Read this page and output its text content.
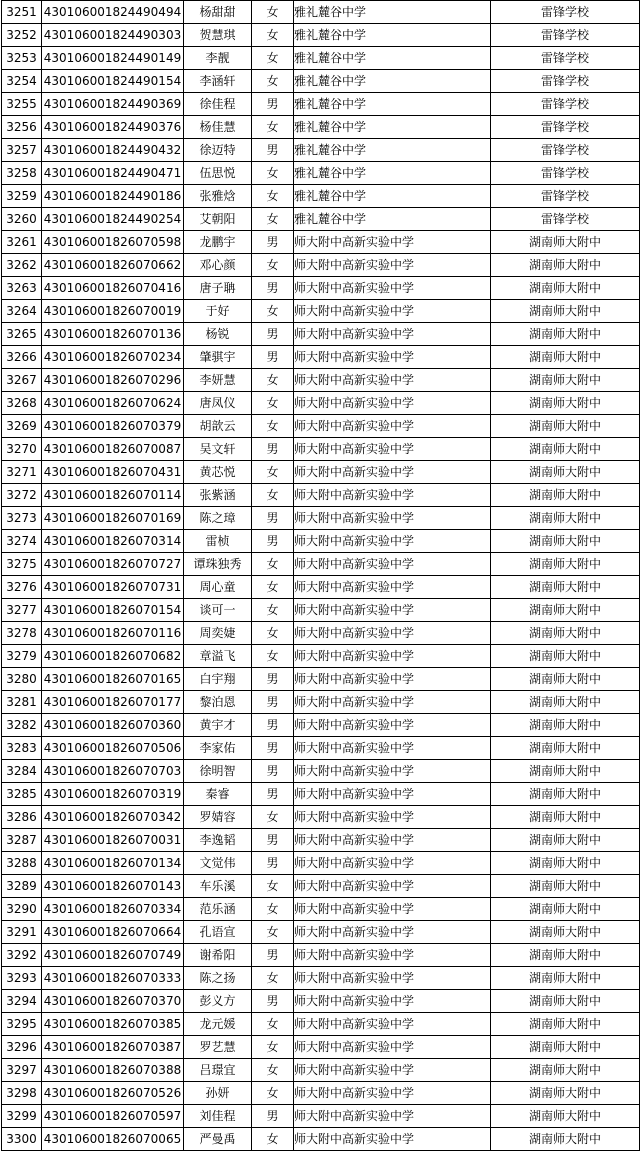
3251	430106001824490494	杨甜甜	女	雅礼麓谷中学	雷锋学校
3252	430106001824490303	贺慧琪	女	雅礼麓谷中学	雷锋学校
3253	430106001824490149	李靓	女	雅礼麓谷中学	雷锋学校
3254	430106001824490154	李涵轩	女	雅礼麓谷中学	雷锋学校
3255	430106001824490369	徐佳程	男	雅礼麓谷中学	雷锋学校
3256	430106001824490376	杨佳慧	女	雅礼麓谷中学	雷锋学校
3257	430106001824490432	徐迈特	男	雅礼麓谷中学	雷锋学校
3258	430106001824490471	伍思悦	女	雅礼麓谷中学	雷锋学校
3259	430106001824490186	张雅焓	女	雅礼麓谷中学	雷锋学校
3260	430106001824490254	艾朝阳	女	雅礼麓谷中学	雷锋学校
3261	430106001826070598	龙鹏宇	男	师大附中高新实验中学	湖南师大附中
3262	430106001826070662	邓心颜	女	师大附中高新实验中学	湖南师大附中
3263	430106001826070416	唐子聃	男	师大附中高新实验中学	湖南师大附中
3264	430106001826070019	于好	女	师大附中高新实验中学	湖南师大附中
3265	430106001826070136	杨锐	男	师大附中高新实验中学	湖南师大附中
3266	430106001826070234	肇骐宇	男	师大附中高新实验中学	湖南师大附中
3267	430106001826070296	李妍慧	女	师大附中高新实验中学	湖南师大附中
3268	430106001826070624	唐凤仪	女	师大附中高新实验中学	湖南师大附中
3269	430106001826070379	胡歆云	女	师大附中高新实验中学	湖南师大附中
3270	430106001826070087	吴文轩	男	师大附中高新实验中学	湖南师大附中
3271	430106001826070431	黄芯悦	女	师大附中高新实验中学	湖南师大附中
3272	430106001826070114	张紫涵	女	师大附中高新实验中学	湖南师大附中
3273	430106001826070169	陈之璋	男	师大附中高新实验中学	湖南师大附中
3274	430106001826070314	雷桢	男	师大附中高新实验中学	湖南师大附中
3275	430106001826070727	谭珠独秀	女	师大附中高新实验中学	湖南师大附中
3276	430106001826070731	周心童	女	师大附中高新实验中学	湖南师大附中
3277	430106001826070154	谈可一	女	师大附中高新实验中学	湖南师大附中
3278	430106001826070116	周奕婕	女	师大附中高新实验中学	湖南师大附中
3279	430106001826070682	章溢飞	女	师大附中高新实验中学	湖南师大附中
3280	430106001826070165	白宇翔	男	师大附中高新实验中学	湖南师大附中
3281	430106001826070177	黎泊恩	男	师大附中高新实验中学	湖南师大附中
3282	430106001826070360	黄宇才	男	师大附中高新实验中学	湖南师大附中
3283	430106001826070506	李家佑	男	师大附中高新实验中学	湖南师大附中
3284	430106001826070703	徐明智	男	师大附中高新实验中学	湖南师大附中
3285	430106001826070319	秦睿	男	师大附中高新实验中学	湖南师大附中
3286	430106001826070342	罗婧容	女	师大附中高新实验中学	湖南师大附中
3287	430106001826070031	李逸韬	男	师大附中高新实验中学	湖南师大附中
3288	430106001826070134	文觉伟	男	师大附中高新实验中学	湖南师大附中
3289	430106001826070143	车乐溪	女	师大附中高新实验中学	湖南师大附中
3290	430106001826070334	范乐涵	女	师大附中高新实验中学	湖南师大附中
3291	430106001826070664	孔语宣	女	师大附中高新实验中学	湖南师大附中
3292	430106001826070749	谢希阳	男	师大附中高新实验中学	湖南师大附中
3293	430106001826070333	陈之扬	女	师大附中高新实验中学	湖南师大附中
3294	430106001826070370	彭义方	男	师大附中高新实验中学	湖南师大附中
3295	430106001826070385	龙元媛	女	师大附中高新实验中学	湖南师大附中
3296	430106001826070387	罗艺慧	女	师大附中高新实验中学	湖南师大附中
3297	430106001826070388	吕璟宜	女	师大附中高新实验中学	湖南师大附中
3298	430106001826070526	孙妍	女	师大附中高新实验中学	湖南师大附中
3299	430106001826070597	刘佳程	男	师大附中高新实验中学	湖南师大附中
3300	430106001826070065	严曼禹	女	师大附中高新实验中学	湖南师大附中
